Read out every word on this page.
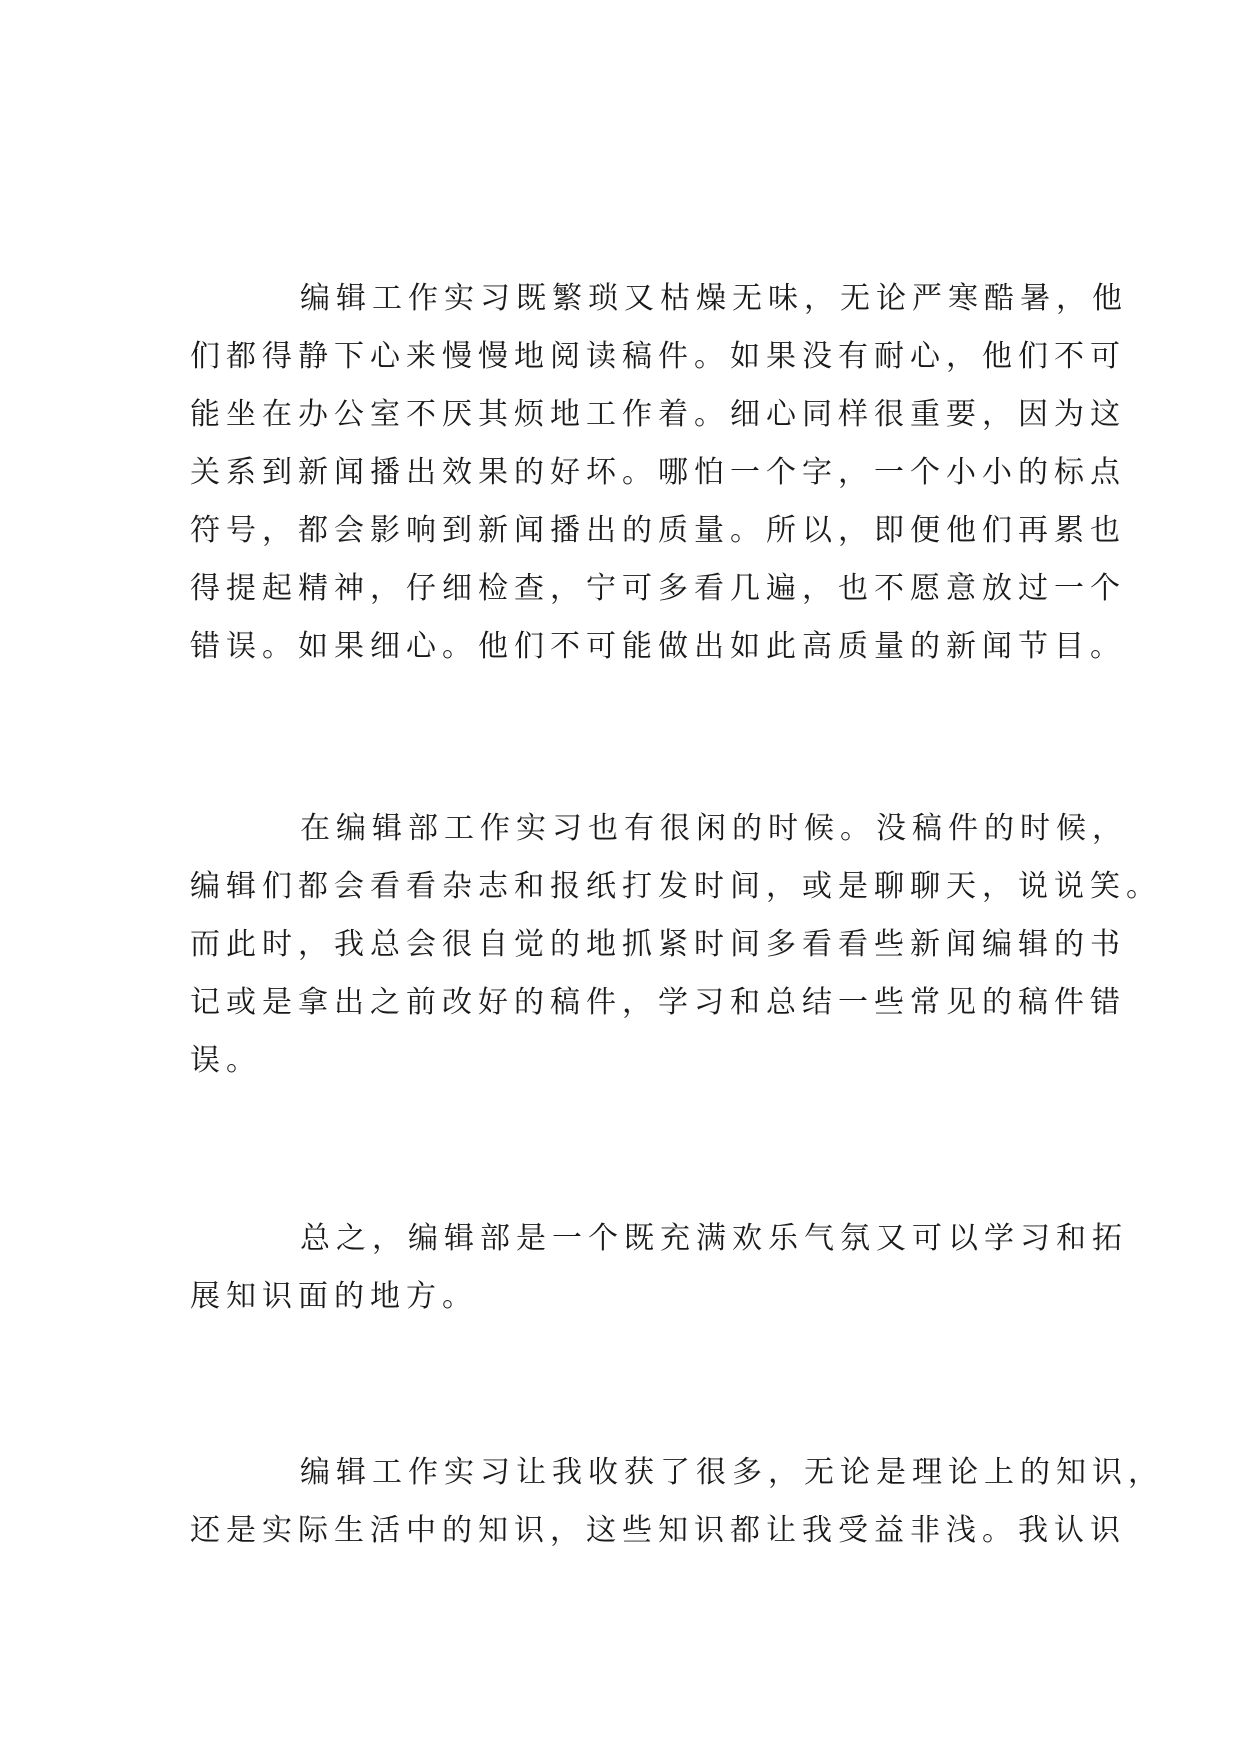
编辑工作实习既繁琐又枯燥无味，无论严寒酷暑，他
们都得静下心来慢慢地阅读稿件。如果没有耐心，他们不可
能坐在办公室不厌其烦地工作着。细心同样很重要，因为这
关系到新闻播出效果的好坏。哪怕一个字，一个小小的标点
符号，都会影响到新闻播出的质量。所以，即便他们再累也
得提起精神，仔细检查，宁可多看几遍，也不愿意放过一个
错误。如果细心。他们不可能做出如此高质量的新闻节目。
在编辑部工作实习也有很闲的时候。没稿件的时候，
编辑们都会看看杂志和报纸打发时间，或是聊聊天，说说笑。
而此时，我总会很自觉的地抓紧时间多看看些新闻编辑的书
记或是拿出之前改好的稿件，学习和总结一些常见的稿件错
误。
总之，编辑部是一个既充满欢乐气氛又可以学习和拓
展知识面的地方。
编辑工作实习让我收获了很多，无论是理论上的知识，
还是实际生活中的知识，这些知识都让我受益非浅。我认识
